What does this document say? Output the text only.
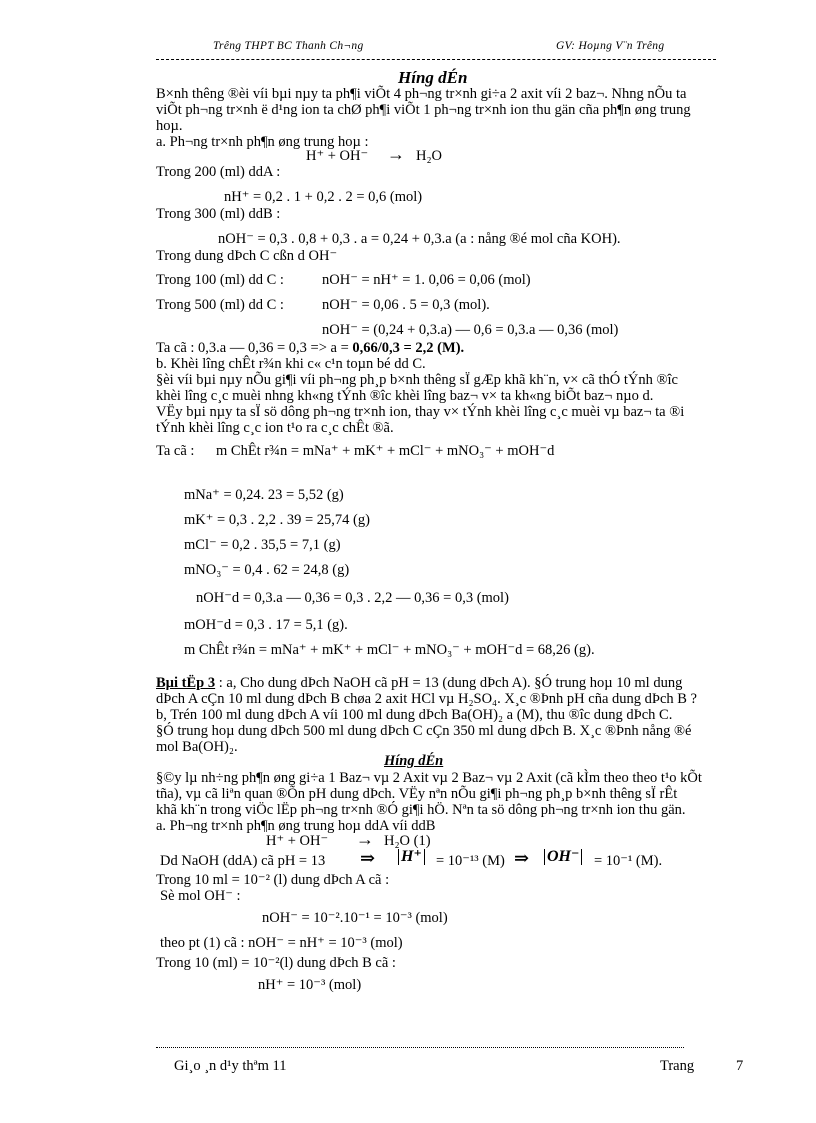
Trêng THPT BC Thanh Ch¬ng	GV: Hoµng V¨n Trêng
Híng dÉn
B×nh thêng ®èi víi bµi nµy ta ph¶i viÕt 4 ph¬ng tr×nh gi÷a 2 axit víi 2 baz¬. Nhng nÕu ta
viÕt ph¬ng tr×nh ë d¹ng ion ta chØ ph¶i viÕt 1 ph¬ng tr×nh ion thu gän cña ph¶n øng trung
hoµ.
a. Ph¬ng tr×nh ph¶n øng trung hoµ :
H⁺ + OH⁻ → H₂O
Trong 200 (ml) ddA :
nH⁺ = 0,2 . 1 + 0,2 . 2 = 0,6 (mol)
Trong 300 (ml) ddB :
nOH⁻ = 0,3 . 0,8 + 0,3 . a = 0,24 + 0,3.a (a : nång ®é mol cña KOH).
Trong dung dÞch C cßn d OH⁻
Trong 100 (ml) dd C :	nOH⁻ = nH⁺ = 1. 0,06 = 0,06 (mol)
Trong 500 (ml) dd C :	nOH⁻ = 0,06 . 5 = 0,3 (mol).
nOH⁻ = (0,24 + 0,3.a) — 0,6 = 0,3.a — 0,36 (mol)
Ta cã : 0,3.a — 0,36 = 0,3 => a = 0,66/0,3 = 2,2 (M).
b. Khèi lîng chÊt r¾n khi c« c¹n toµn bé dd C.
§èi víi bµi nµy nÕu gi¶i víi ph¬ng ph¸p b×nh thêng sÏ gÆp khã kh¨n, v× cã thÓ tÝnh ®îc
khèi lîng c¸c muèi nhng kh«ng tÝnh ®îc khèi lîng baz¬ v× ta kh«ng biÕt baz¬ nµo d.
VËy bµi nµy ta sÏ sö dông ph¬ng tr×nh ion, thay v× tÝnh khèi lîng c¸c muèi vµ baz¬ ta ®i
tÝnh khèi lîng c¸c ion t¹o ra c¸c chÊt ®ã.
Ta cã : m ChÊt r¾n = mNa⁺ + mK⁺ + mCl⁻ + mNO₃⁻ + mOH⁻d
mNa⁺ = 0,24. 23 = 5,52 (g)
mK⁺ = 0,3 . 2,2 . 39 = 25,74 (g)
mCl⁻ = 0,2 . 35,5 = 7,1 (g)
mNO₃⁻ = 0,4 . 62 = 24,8 (g)
nOH⁻d = 0,3.a — 0,36 = 0,3 . 2,2 — 0,36 = 0,3 (mol)
mOH⁻d = 0,3 . 17 = 5,1 (g).
m ChÊt r¾n = mNa⁺ + mK⁺ + mCl⁻ + mNO₃⁻ + mOH⁻d = 68,26 (g).
Bµi tËp 3 : a, Cho dung dÞch NaOH cã pH = 13 (dung dÞch A). §Ó trung hoµ 10 ml dung
dÞch A cÇn 10 ml dung dÞch B chøa 2 axit HCl vµ H₂SO₄. X¸c ®Þnh pH cña dung dÞch B ?
b, Trén 100 ml dung dÞch A víi 100 ml dung dÞch Ba(OH)₂ a (M), thu ®îc dung dÞch C.
§Ó trung hoµ dung dÞch 500 ml dung dÞch C cÇn 350 ml dung dÞch B. X¸c ®Þnh nång ®é
mol Ba(OH)₂.
Híng dÉn
§©y lµ nh÷ng ph¶n øng gi÷a 1 Baz¬ vµ 2 Axit vµ 2 Baz¬ vµ 2 Axit (cã kÌm theo theo t¹o kÕt
tña), vµ cã liªn quan ®Õn pH dung dÞch. VËy nªn nÕu gi¶i ph¬ng ph¸p b×nh thêng sÏ rÊt
khã kh¨n trong viÖc lËp ph¬ng tr×nh ®Ó gi¶i hÖ. Nªn ta sö dông ph¬ng tr×nh ion thu gän.
a. Ph¬ng tr×nh ph¶n øng trung hoµ ddA víi ddB
H⁺ + OH⁻ → H₂O (1)
Dd NaOH (ddA) cã pH = 13 ⇒ H⁺ = 10⁻¹³ (M) ⇒ OH⁻ = 10⁻¹ (M).
Trong 10 ml = 10⁻² (l) dung dÞch A cã :
Sè mol OH⁻ :
nOH⁻ = 10⁻².10⁻¹ = 10⁻³ (mol)
theo pt (1) cã : nOH⁻ = nH⁺ = 10⁻³ (mol)
Trong 10 (ml) = 10⁻²(l) dung dÞch B cã :
nH⁺ = 10⁻³ (mol)
Gi¸o ¸n d¹y thªm 11	Trang	7
